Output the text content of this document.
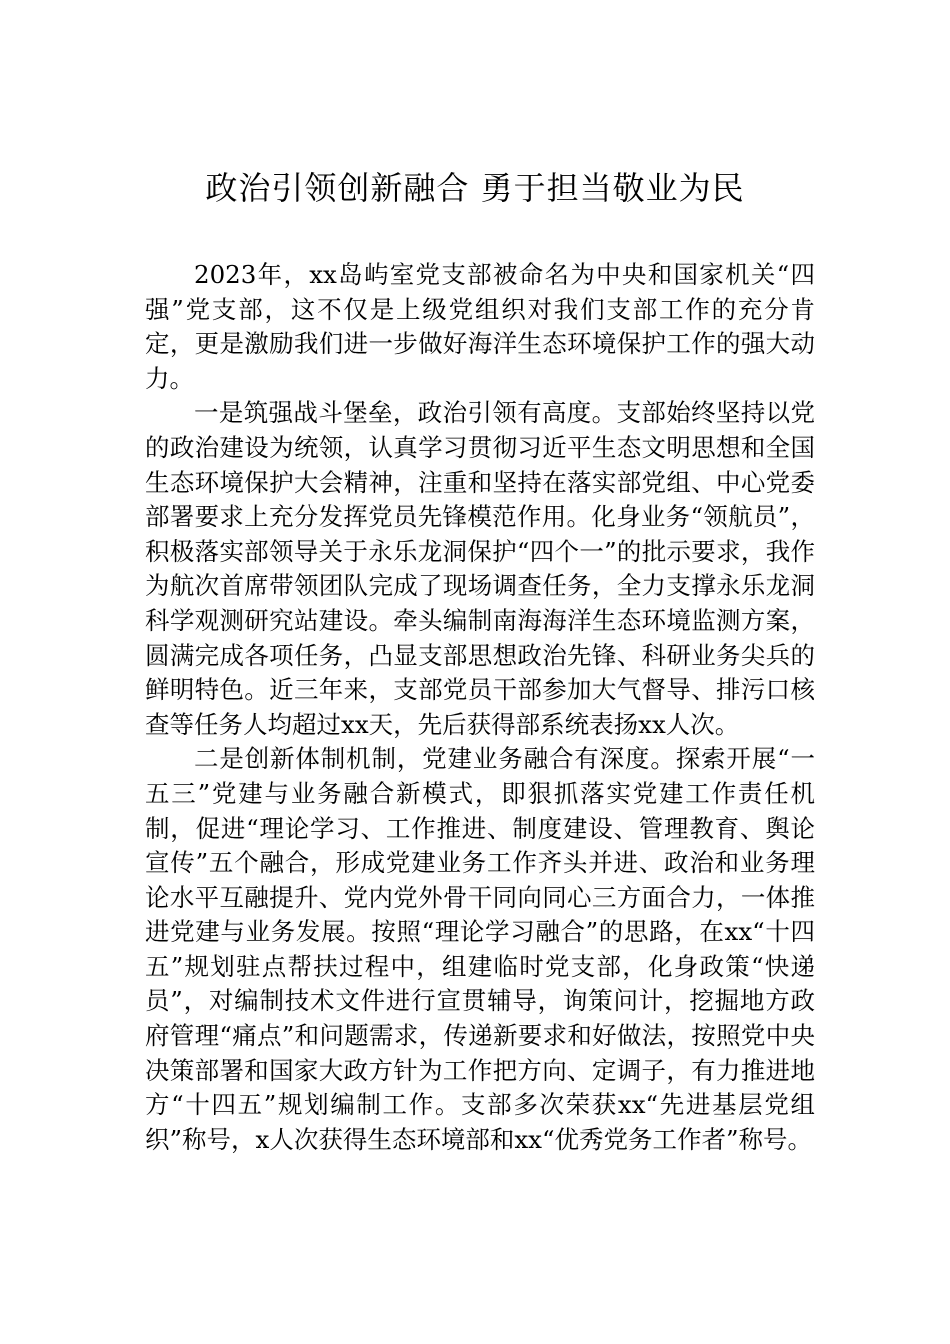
政治引领创新融合 勇于担当敬业为民

2023年，xx岛屿室党支部被命名为中央和国家机关“四强”党支部，这不仅是上级党组织对我们支部工作的充分肯定，更是激励我们进一步做好海洋生态环境保护工作的强大动力。

一是筑强战斗堡垒，政治引领有高度。支部始终坚持以党的政治建设为统领，认真学习贯彻习近平生态文明思想和全国生态环境保护大会精神，注重和坚持在落实部党组、中心党委部署要求上充分发挥党员先锋模范作用。化身业务“领航员”，积极落实部领导关于永乐龙洞保护“四个一”的批示要求，我作为航次首席带领团队完成了现场调查任务，全力支撑永乐龙洞科学观测研究站建设。牵头编制南海海洋生态环境监测方案，圆满完成各项任务，凸显支部思想政治先锋、科研业务尖兵的鲜明特色。近三年来，支部党员干部参加大气督导、排污口核查等任务人均超过xx天，先后获得部系统表扬xx人次。

二是创新体制机制，党建业务融合有深度。探索开展“一五三”党建与业务融合新模式，即狠抓落实党建工作责任机制，促进“理论学习、工作推进、制度建设、管理教育、舆论宣传”五个融合，形成党建业务工作齐头并进、政治和业务理论水平互融提升、党内党外骨干同向同心三方面合力，一体推进党建与业务发展。按照“理论学习融合”的思路，在xx“十四五”规划驻点帮扶过程中，组建临时党支部，化身政策“快递员”，对编制技术文件进行宣贯辅导，询策问计，挖掘地方政府管理“痛点”和问题需求，传递新要求和好做法，按照党中央决策部署和国家大政方针为工作把方向、定调子，有力推进地方“十四五”规划编制工作。支部多次荣获xx“先进基层党组织”称号，x人次获得生态环境部和xx“优秀党务工作者”称号。
